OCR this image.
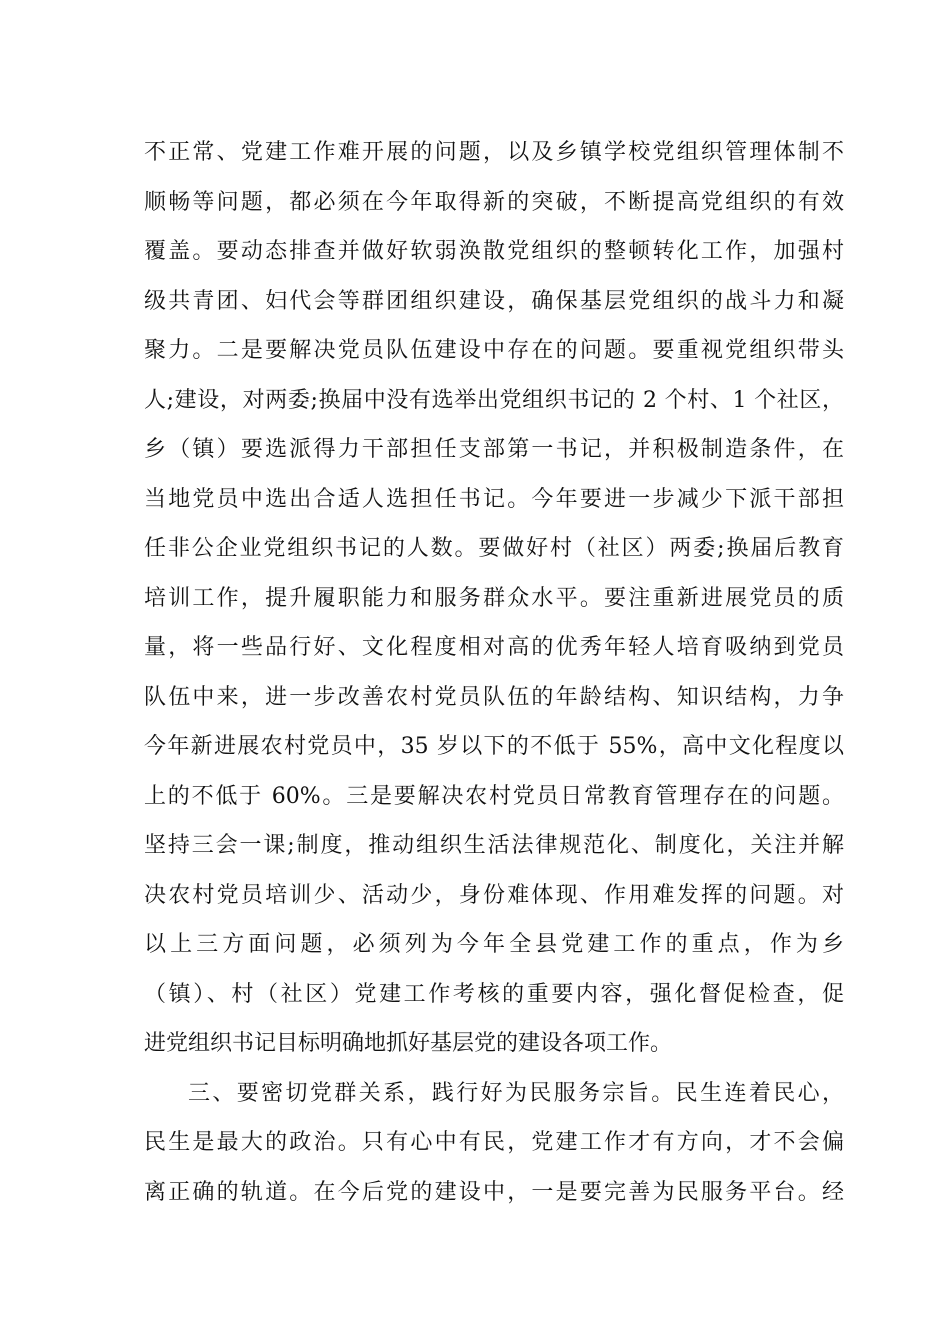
不正常、党建工作难开展的问题，以及乡镇学校党组织管理体制不
顺畅等问题，都必须在今年取得新的突破，不断提高党组织的有效
覆盖。要动态排查并做好软弱涣散党组织的整顿转化工作，加强村
级共青团、妇代会等群团组织建设，确保基层党组织的战斗力和凝
聚力。二是要解决党员队伍建设中存在的问题。要重视党组织带头
人;建设，对两委;换届中没有选举出党组织书记的 2 个村、1 个社区，
乡（镇）要选派得力干部担任支部第一书记，并积极制造条件，在
当地党员中选出合适人选担任书记。今年要进一步减少下派干部担
任非公企业党组织书记的人数。要做好村（社区）两委;换届后教育
培训工作，提升履职能力和服务群众水平。要注重新进展党员的质
量，将一些品行好、文化程度相对高的优秀年轻人培育吸纳到党员
队伍中来，进一步改善农村党员队伍的年龄结构、知识结构，力争
今年新进展农村党员中，35 岁以下的不低于 55%，高中文化程度以
上的不低于 60%。三是要解决农村党员日常教育管理存在的问题。
坚持三会一课;制度，推动组织生活法律规范化、制度化，关注并解
决农村党员培训少、活动少，身份难体现、作用难发挥的问题。对
以上三方面问题，必须列为今年全县党建工作的重点，作为乡
（镇）、村（社区）党建工作考核的重要内容，强化督促检查，促
进党组织书记目标明确地抓好基层党的建设各项工作。
三、要密切党群关系，践行好为民服务宗旨。民生连着民心，
民生是最大的政治。只有心中有民，党建工作才有方向，才不会偏
离正确的轨道。在今后党的建设中，一是要完善为民服务平台。经
